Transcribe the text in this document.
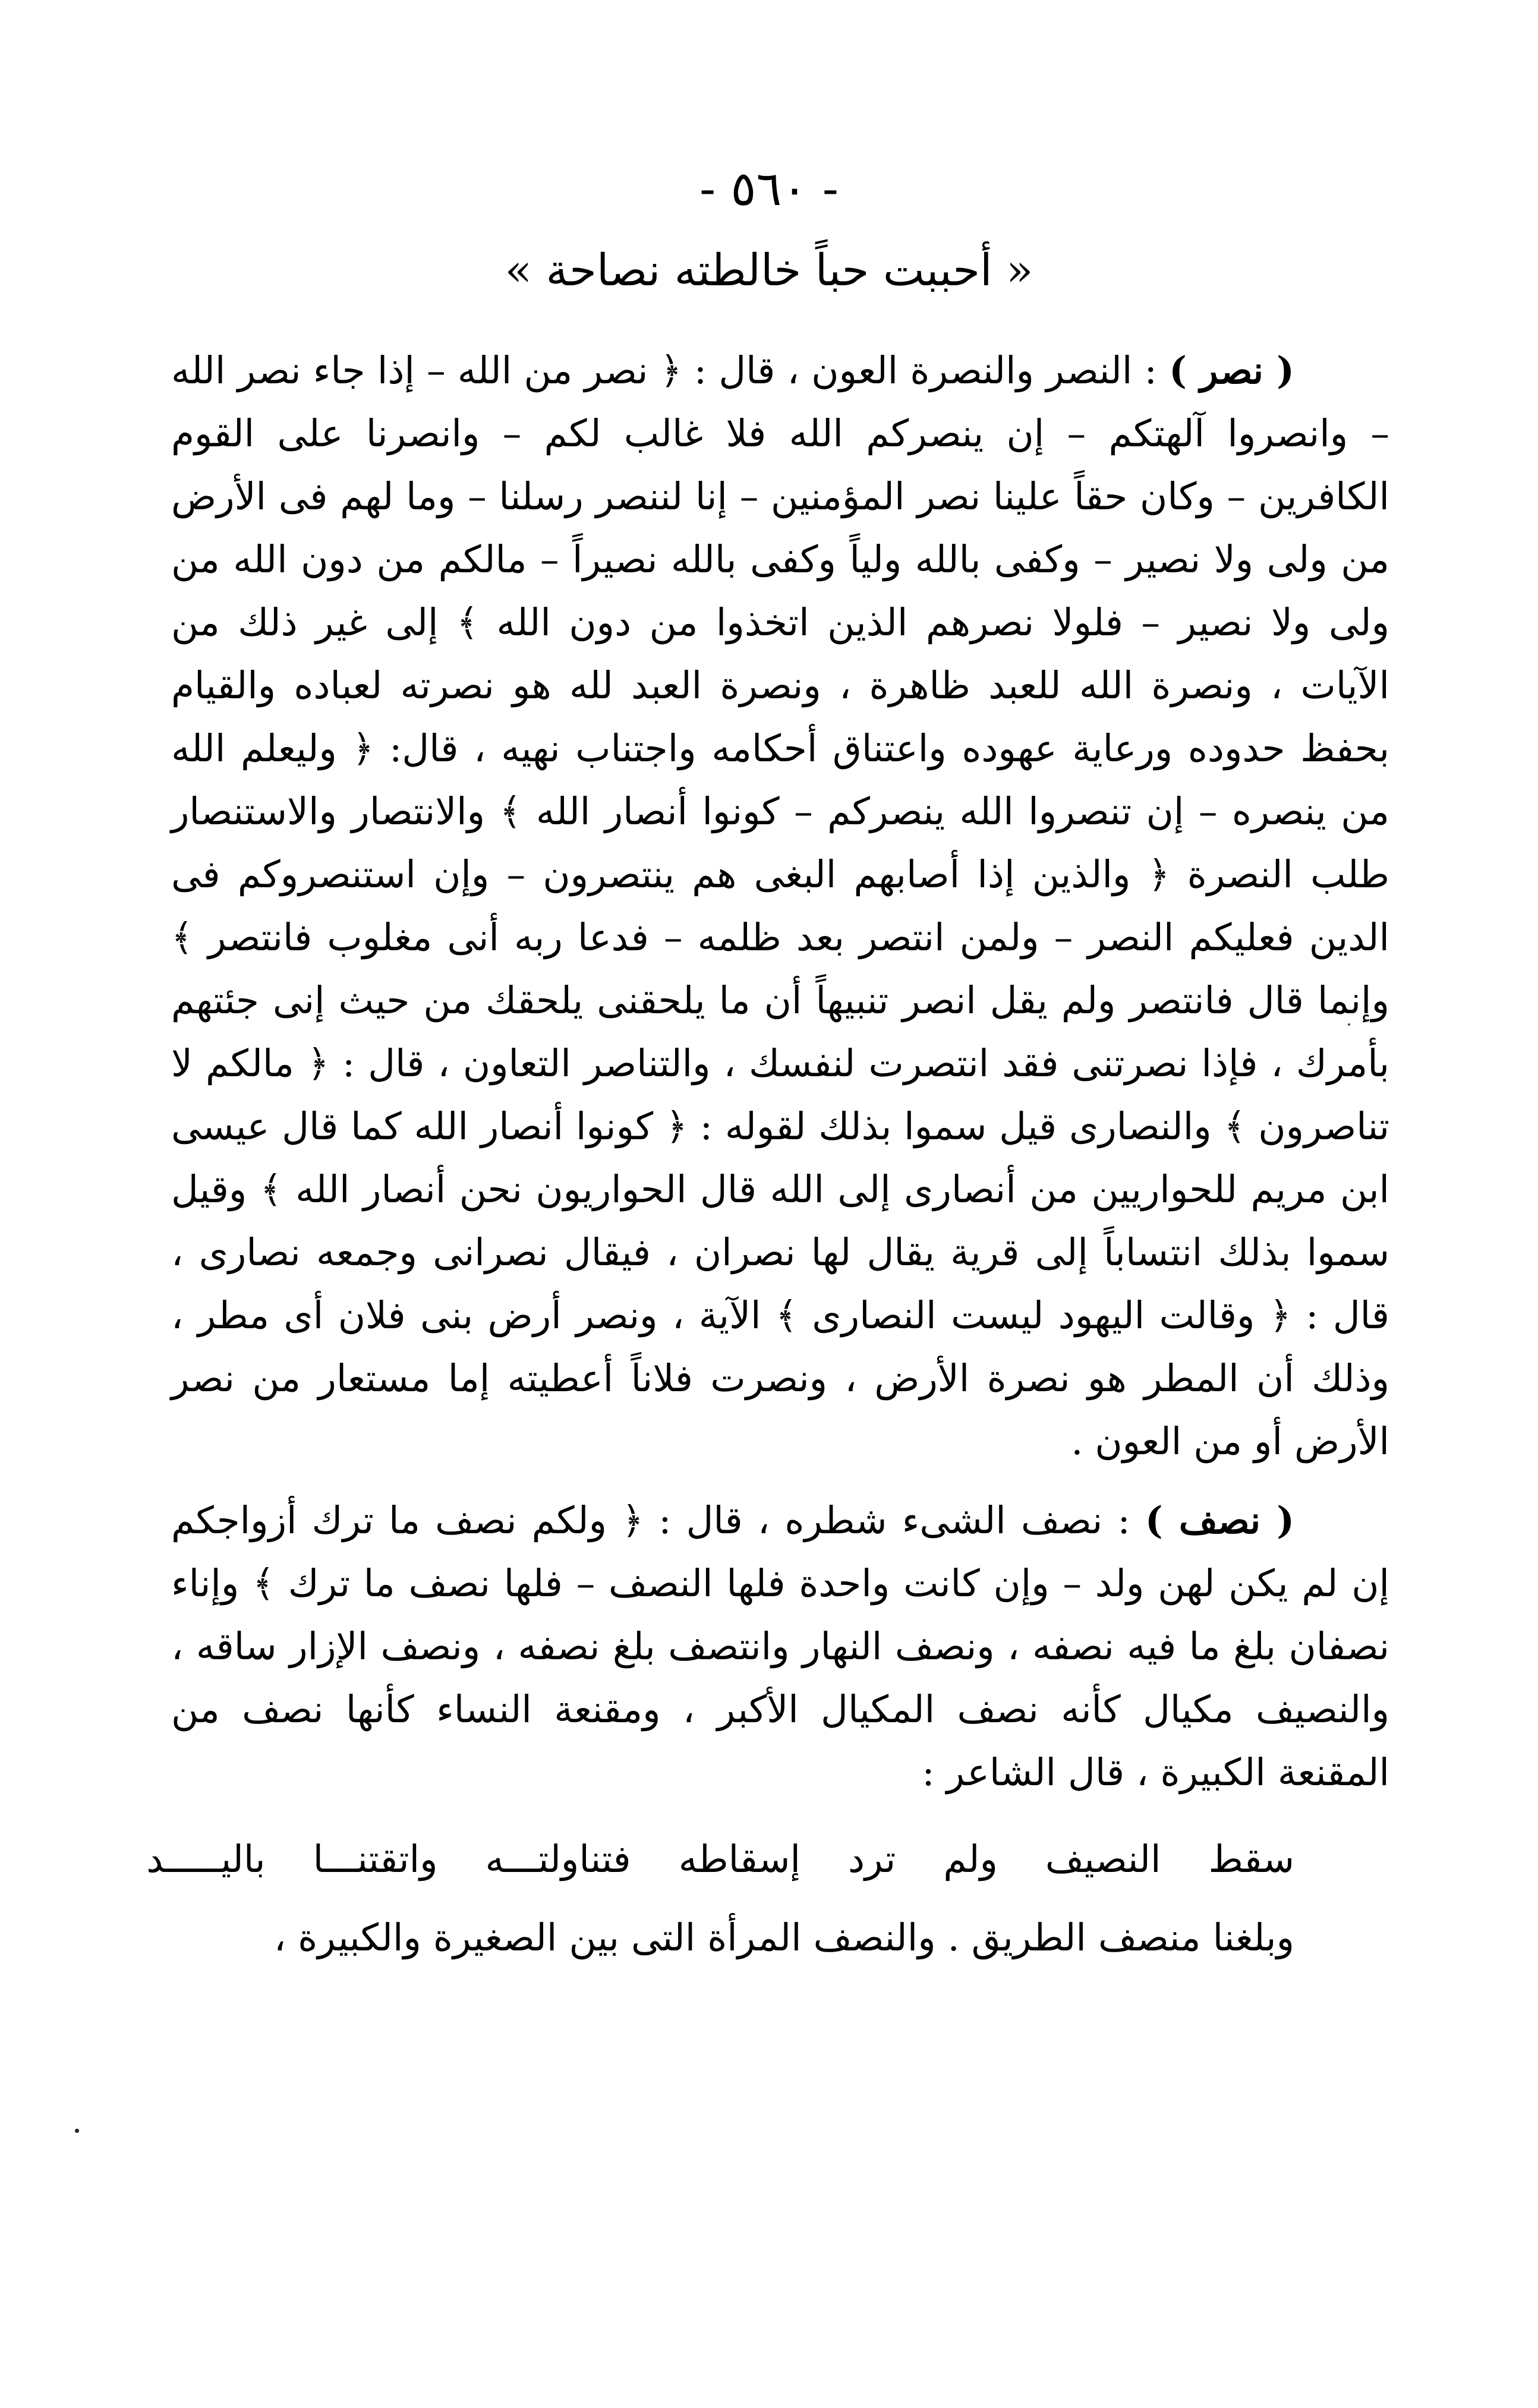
- ٥٦٠ -
« أحببت حباً خالطته نصاحة »

( نصر ) : النصر والنصرة العون ، قال : ﴿ نصر من الله – إذا جاء نصر الله – وانصروا آلهتكم – إن ينصركم الله فلا غالب لكم – وانصرنا على القوم الكافرين – وكان حقاً علينا نصر المؤمنين – إنا لننصر رسلنا – وما لهم فى الأرض من ولى ولا نصير – وكفى بالله ولياً وكفى بالله نصيراً – مالكم من دون الله من ولى ولا نصير – فلولا نصرهم الذين اتخذوا من دون الله ﴾ إلى غير ذلك من الآيات ، ونصرة الله للعبد ظاهرة ، ونصرة العبد لله هو نصرته لعباده والقيام بحفظ حدوده ورعاية عهوده واعتناق أحكامه واجتناب نهيه ، قال: ﴿ وليعلم الله من ينصره – إن تنصروا الله ينصركم – كونوا أنصار الله ﴾ والانتصار والاستنصار طلب النصرة ﴿ والذين إذا أصابهم البغى هم ينتصرون – وإن استنصروكم فى الدين فعليكم النصر – ولمن انتصر بعد ظلمه – فدعا ربه أنى مغلوب فانتصر ﴾ وإنما قال فانتصر ولم يقل انصر تنبيهاً أن ما يلحقنى يلحقك من حيث إنى جئتهم بأمرك ، فإذا نصرتنى فقد انتصرت لنفسك ، والتناصر التعاون ، قال : ﴿ مالكم لا تناصرون ﴾ والنصارى قيل سموا بذلك لقوله : ﴿ كونوا أنصار الله كما قال عيسى ابن مريم للحواريين من أنصارى إلى الله قال الحواريون نحن أنصار الله ﴾ وقيل سموا بذلك انتساباً إلى قرية يقال لها نصران ، فيقال نصرانى وجمعه نصارى ، قال : ﴿ وقالت اليهود ليست النصارى ﴾ الآية ، ونصر أرض بنى فلان أى مطر ، وذلك أن المطر هو نصرة الأرض ، ونصرت فلاناً أعطيته إما مستعار من نصر الأرض أو من العون .

( نصف ) : نصف الشىء شطره ، قال : ﴿ ولكم نصف ما ترك أزواجكم إن لم يكن لهن ولد – وإن كانت واحدة فلها النصف – فلها نصف ما ترك ﴾ وإناء نصفان بلغ ما فيه نصفه ، ونصف النهار وانتصف بلغ نصفه ، ونصف الإزار ساقه ، والنصيف مكيال كأنه نصف المكيال الأكبر ، ومقنعة النساء كأنها نصف من المقنعة الكبيرة ، قال الشاعر :

سقط النصيف ولم ترد إسقاطه فتناولتـــه واتقتنـــا باليـــــد

وبلغنا منصف الطريق . والنصف المرأة التى بين الصغيرة والكبيرة ،
